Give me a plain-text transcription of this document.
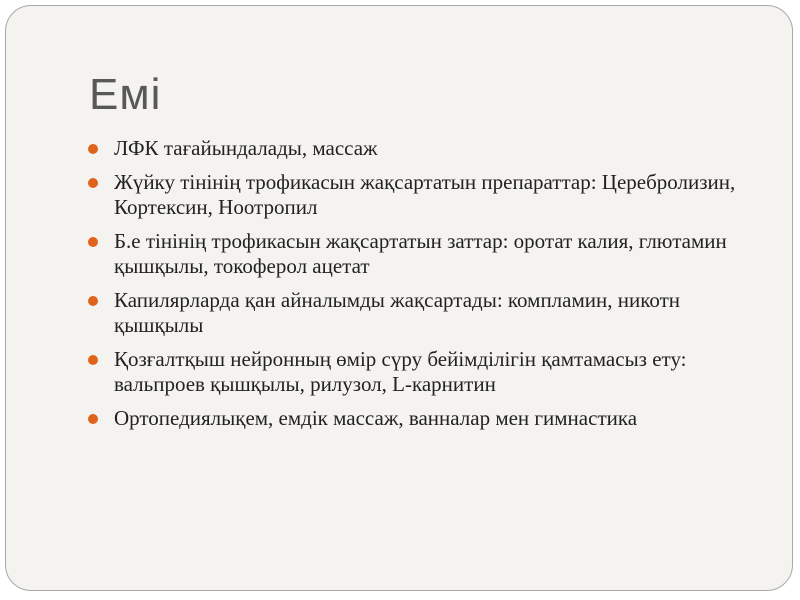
Емі
ЛФК тағайындалады, массаж
Жүйку тінінің трофикасын жақсартатын препараттар: Церебролизин, Кортексин, Ноотропил
Б.е тінінің трофикасын жақсартатын заттар: оротат калия, глютамин қышқылы, токоферол ацетат
Капилярларда қан айналымды жақсартады: компламин, никотн қышқылы
Қозғалтқыш нейронның өмір сүру бейімділігін қамтамасыз ету: вальпроев қышқылы, рилузол, L-карнитин
Ортопедиялықем, емдік массаж, ванналар мен гимнастика
